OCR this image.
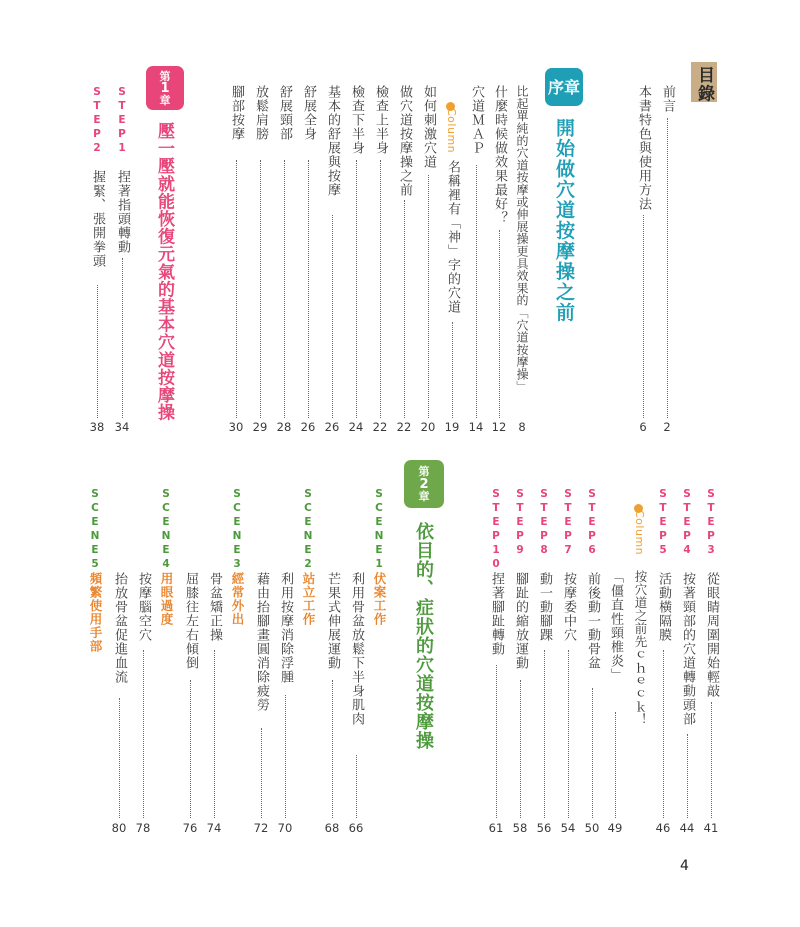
目錄
前言
2
本書特色與使用方法
6
序章
開始做穴道按摩操之前
比起單純的穴道按摩或伸展操更具效果的「穴道按摩操」
8
什麼時候做效果最好？
12
穴道ＭＡＰ
14
Column
名稱裡有「神」字的穴道
19
如何刺激穴道
20
做穴道按摩操之前
22
檢查上半身
22
檢查下半身
24
基本的舒展與按摩
26
舒展全身
26
舒展頸部
28
放鬆肩膀
29
腳部按摩
30
第
1
章
壓一壓就能恢復元氣的基本穴道按摩操
STEP1
捏著指頭轉動
34
STEP2
握緊、張開拳頭
38
STEP3
從眼睛周圍開始輕敲
41
STEP4
按著頸部的穴道轉動頭部
44
STEP5
活動橫隔膜
46
Column
按穴道之前先ｃｈｅｃｋ！
「僵直性頸椎炎」
49
STEP6
前後動一動骨盆
50
STEP7
按摩委中穴
54
STEP8
動一動腳踝
56
STEP9
腳趾的縮放運動
58
STEP10
捏著腳趾轉動
61
第
2
章
依目的、症狀的穴道按摩操
SCENE1
伏案工作
利用骨盆放鬆下半身肌肉
66
芒果式伸展運動
68
SCENE2
站立工作
利用按摩消除浮腫
70
藉由抬腳畫圓消除疲勞
72
SCENE3
經常外出
骨盆矯正操
74
屈膝往左右傾倒
76
SCENE4
用眼過度
按摩腦空穴
78
抬放骨盆促進血流
80
SCENE5
頻繁使用手部
4
